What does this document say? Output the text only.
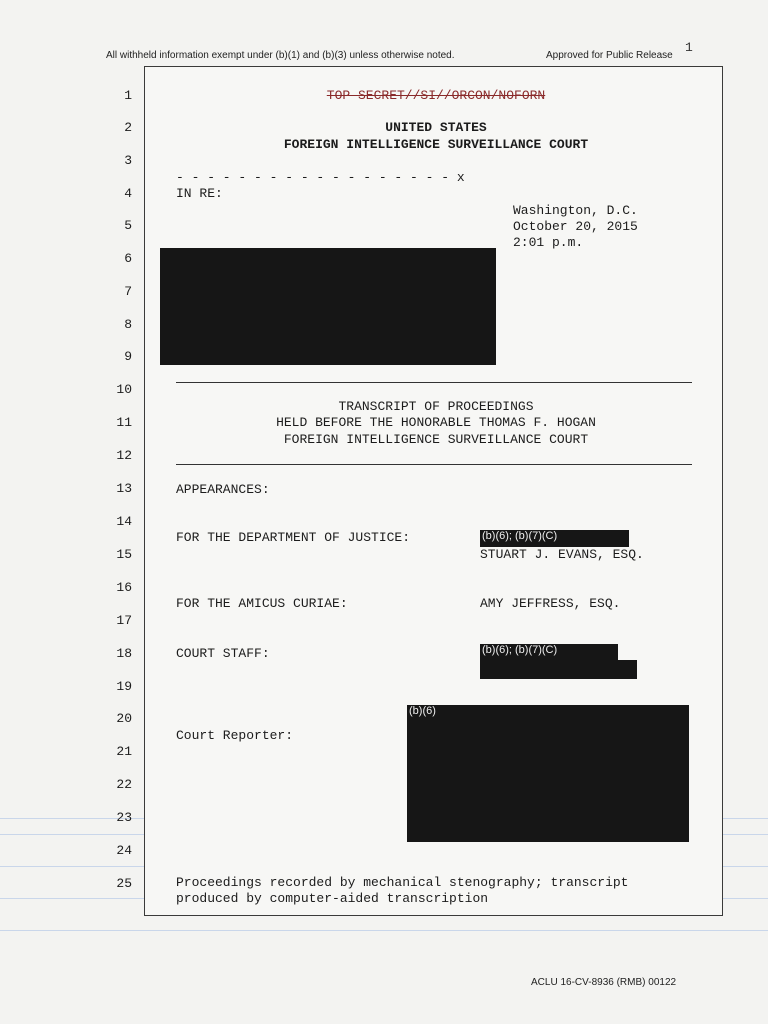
All withheld information exempt under (b)(1) and (b)(3) unless otherwise noted.	Approved for Public Release
1
1
2
3
4
5
6
7
8
9
10
11
12
13
14
15
16
17
18
19
20
21
22
23
24
25
TOP SECRET//SI//ORCON/NOFORN
UNITED STATES
FOREIGN INTELLIGENCE SURVEILLANCE COURT
- - - - - - - - - - - - - - - - - - x
IN RE:
Washington, D.C.
October 20, 2015
2:01 p.m.
TRANSCRIPT OF PROCEEDINGS
HELD BEFORE THE HONORABLE THOMAS F. HOGAN
FOREIGN INTELLIGENCE SURVEILLANCE COURT
APPEARANCES:
FOR THE DEPARTMENT OF JUSTICE:	(b)(6); (b)(7)(C)
STUART J. EVANS, ESQ.
FOR THE AMICUS CURIAE:	AMY JEFFRESS, ESQ.
COURT STAFF:	(b)(6); (b)(7)(C)
Court Reporter:
(b)(6)
Proceedings recorded by mechanical stenography; transcript
produced by computer-aided transcription
ACLU 16-CV-8936 (RMB) 00122
